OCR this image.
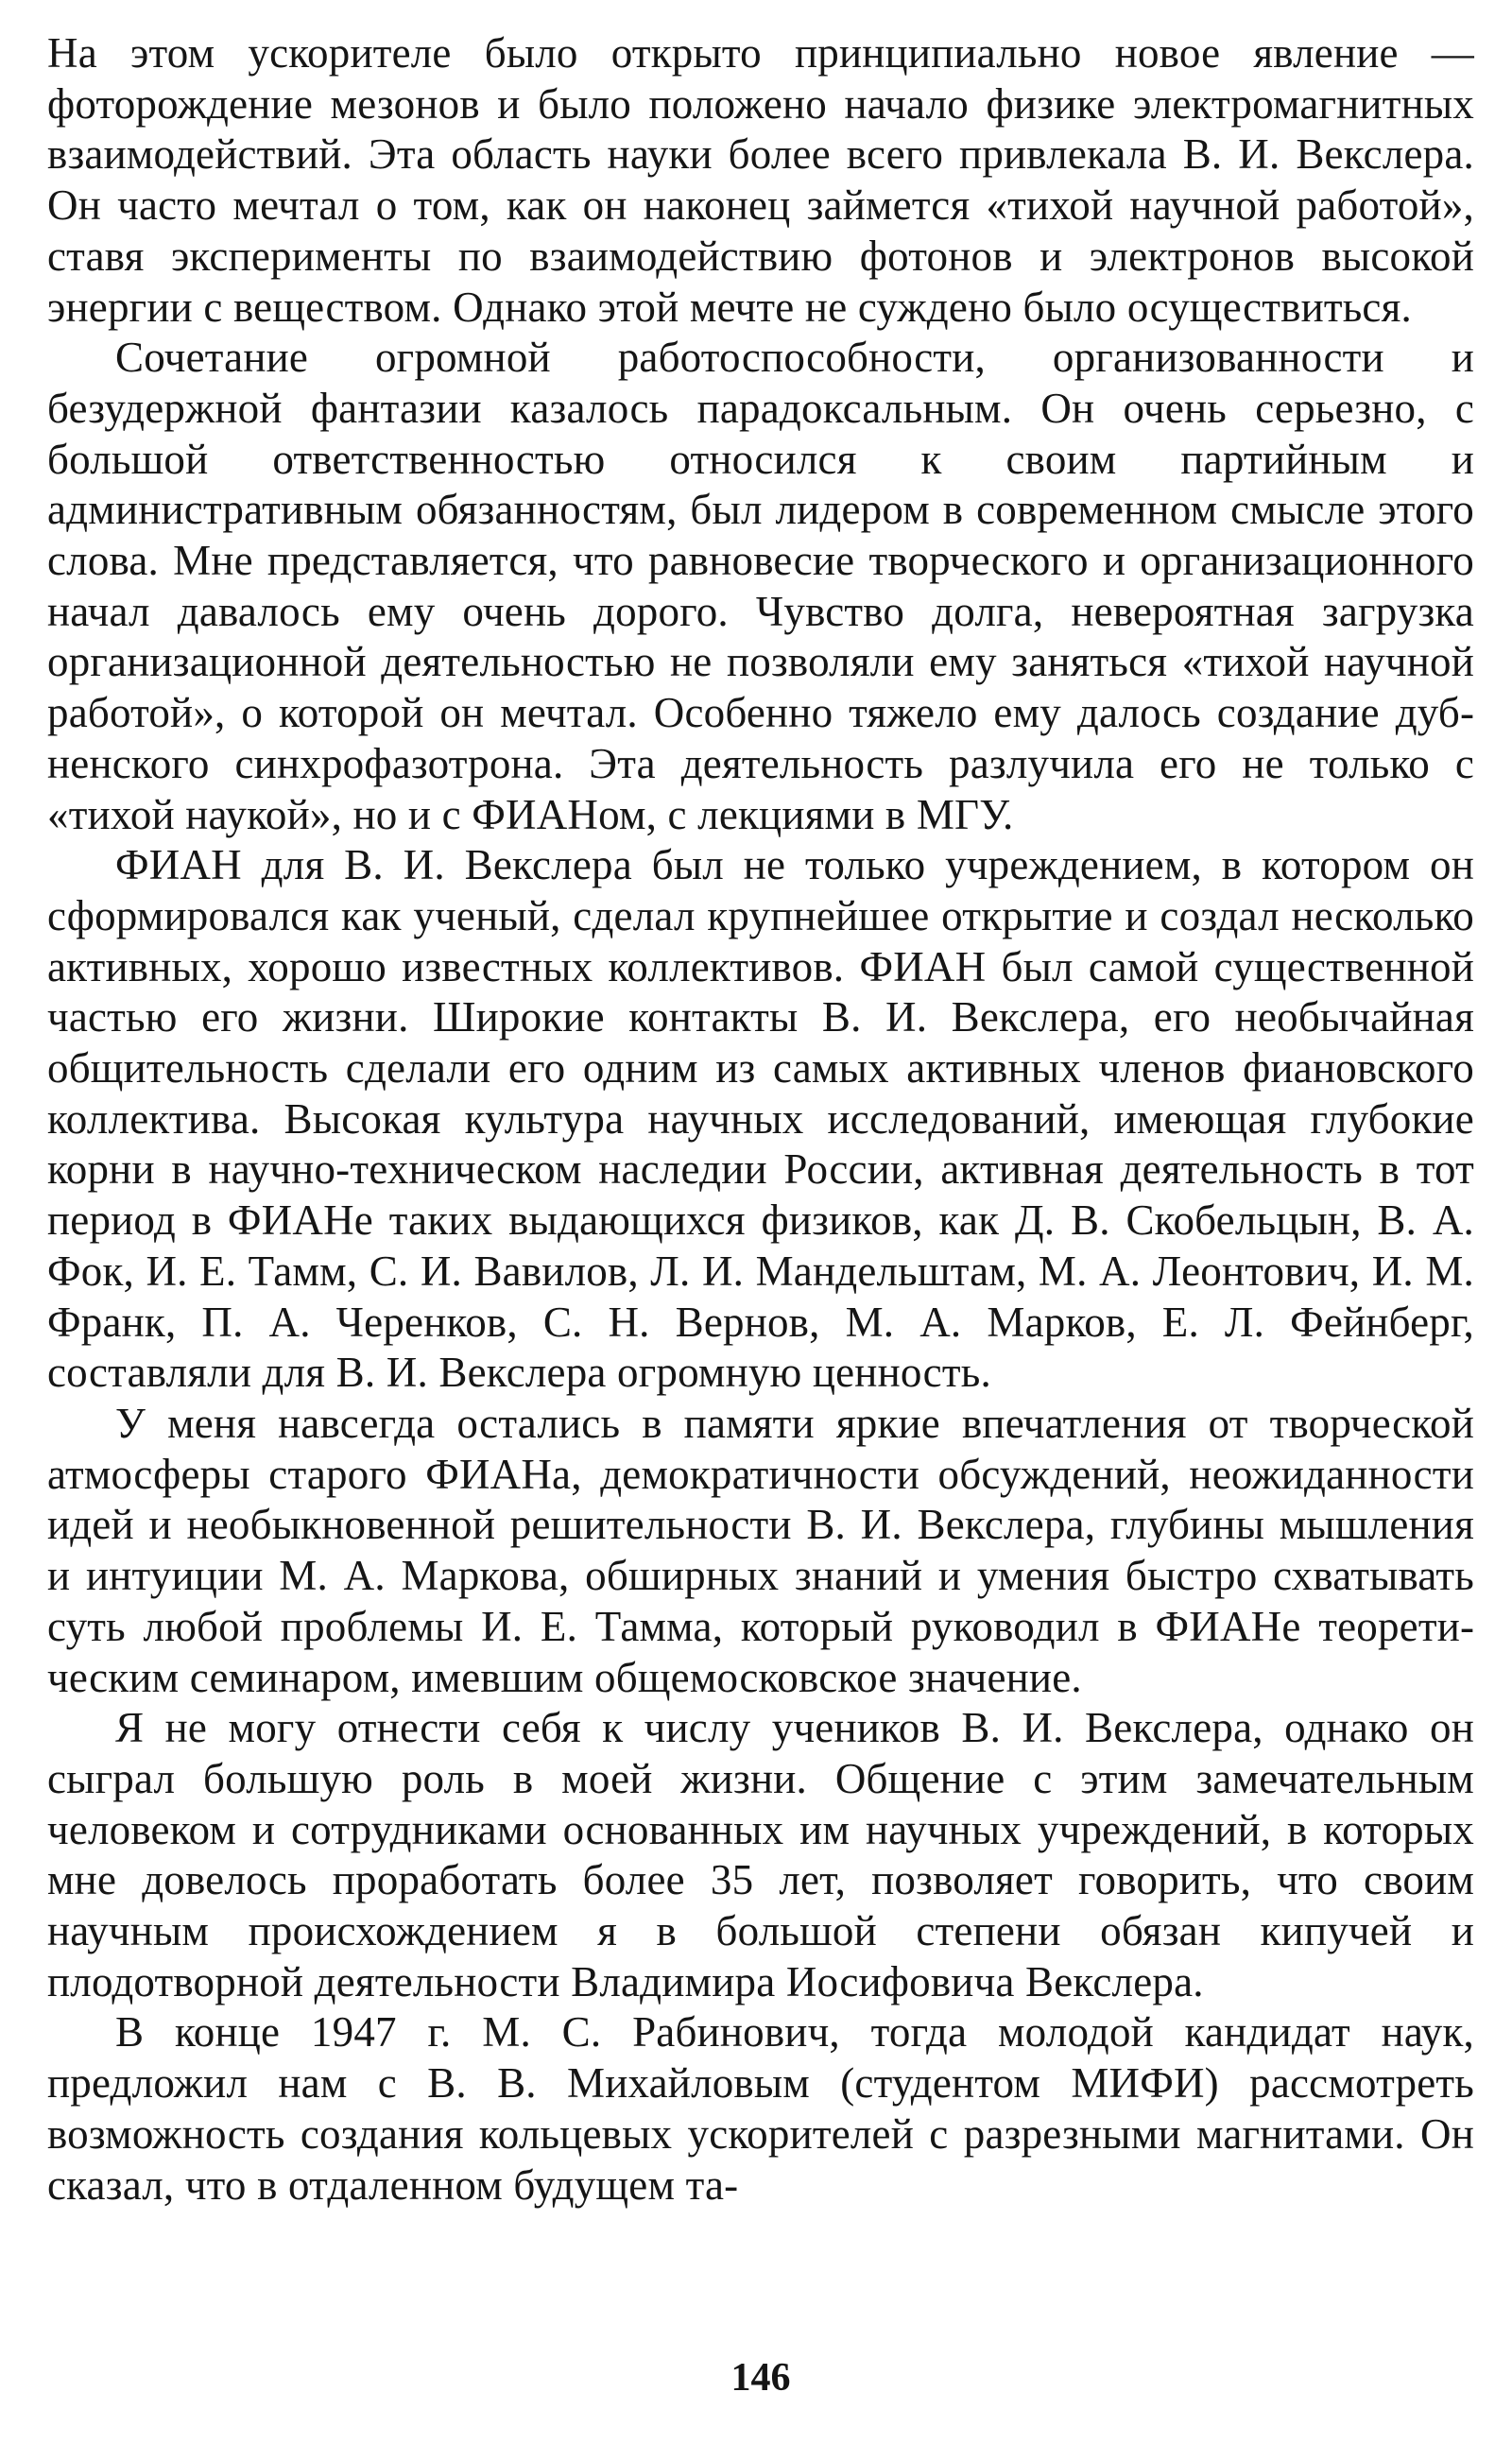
На этом ускорителе было открыто принципиально новое явление — фоторождение мезонов и было положено начало физике электромагнитных взаимодействий. Эта область науки более всего привлекала В. И. Векслера. Он часто мечтал о том, как он наконец займется «тихой научной работой», ставя эксперименты по взаимодействию фотонов и электронов высокой энергии с веществом. Однако этой мечте не суждено было осуществиться.

Сочетание огромной работоспособности, организованности и безудержной фантазии казалось парадоксальным. Он очень серьезно, с большой ответственностью относился к своим партийным и административным обязанностям, был лидером в современном смысле этого слова. Мне представляется, что равновесие творческого и организационного начал давалось ему очень дорого. Чувство долга, невероятная загрузка организационной деятельностью не позволяли ему заняться «тихой научной работой», о которой он мечтал. Особенно тяжело ему далось создание дубненского синхрофазотрона. Эта деятельность разлучила его не только с «тихой наукой», но и с ФИАНом, с лекциями в МГУ.

ФИАН для В. И. Векслера был не только учреждением, в котором он сформировался как ученый, сделал крупнейшее открытие и создал несколько активных, хорошо известных коллективов. ФИАН был самой существенной частью его жизни. Широкие контакты В. И. Векслера, его необычайная общительность сделали его одним из самых активных членов фиановского коллектива. Высокая культура научных исследований, имеющая глубокие корни в научно-техническом наследии России, активная деятельность в тот период в ФИАНе таких выдающихся физиков, как Д. В. Скобельцын, В. А. Фок, И. Е. Тамм, С. И. Вавилов, Л. И. Мандельштам, М. А. Леонтович, И. М. Франк, П. А. Черенков, С. Н. Вернов, М. А. Марков, Е. Л. Фейнберг, составляли для В. И. Векслера огромную ценность.

У меня навсегда остались в памяти яркие впечатления от творческой атмосферы старого ФИАНа, демократичности обсуждений, неожиданности идей и необыкновенной решительности В. И. Векслера, глубины мышления и интуиции М. А. Маркова, обширных знаний и умения быстро схватывать суть любой проблемы И. Е. Тамма, который руководил в ФИАНе теоретическим семинаром, имевшим общемосковское значение.

Я не могу отнести себя к числу учеников В. И. Векслера, однако он сыграл большую роль в моей жизни. Общение с этим замечательным человеком и сотрудниками основанных им научных учреждений, в которых мне довелось проработать более 35 лет, позволяет говорить, что своим научным происхождением я в большой степени обязан кипучей и плодотворной деятельности Владимира Иосифовича Векслера.

В конце 1947 г. М. С. Рабинович, тогда молодой кандидат наук, предложил нам с В. В. Михайловым (студентом МИФИ) рассмотреть возможность создания кольцевых ускорителей с разрезными магнитами. Он сказал, что в отдаленном будущем та-

146
